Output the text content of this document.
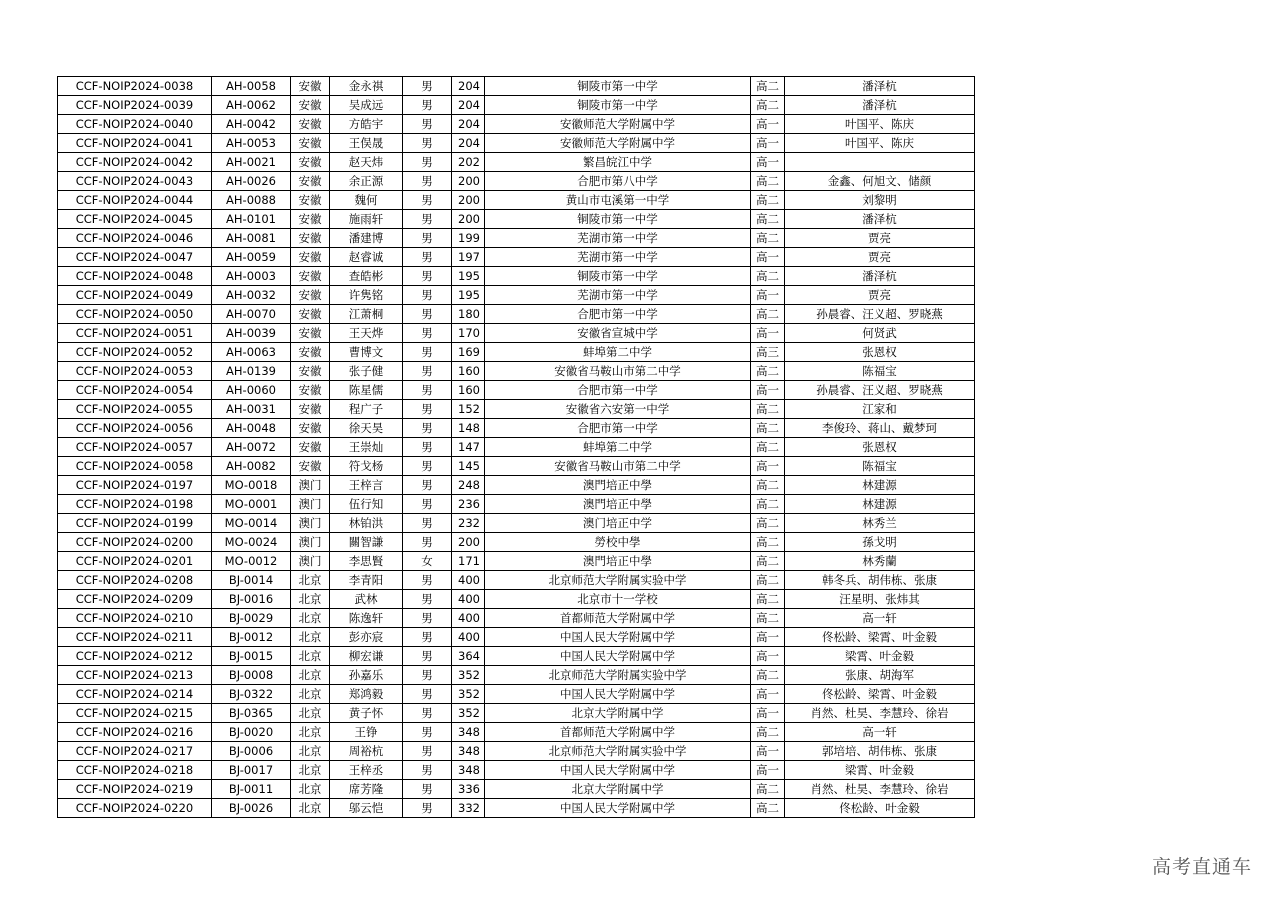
CCF-NOIP2024-0038	AH-0058	安徽	金永祺	男	204	铜陵市第一中学	高二	潘泽杭
CCF-NOIP2024-0039	AH-0062	安徽	吴成远	男	204	铜陵市第一中学	高二	潘泽杭
CCF-NOIP2024-0040	AH-0042	安徽	方皓宇	男	204	安徽师范大学附属中学	高一	叶国平、陈庆
CCF-NOIP2024-0041	AH-0053	安徽	王俣晟	男	204	安徽师范大学附属中学	高一	叶国平、陈庆
CCF-NOIP2024-0042	AH-0021	安徽	赵天炜	男	202	繁昌皖江中学	高一	
CCF-NOIP2024-0043	AH-0026	安徽	余正源	男	200	合肥市第八中学	高二	金鑫、何旭文、储颜
CCF-NOIP2024-0044	AH-0088	安徽	魏何	男	200	黄山市屯溪第一中学	高二	刘黎明
CCF-NOIP2024-0045	AH-0101	安徽	施雨轩	男	200	铜陵市第一中学	高二	潘泽杭
CCF-NOIP2024-0046	AH-0081	安徽	潘建博	男	199	芜湖市第一中学	高二	贾亮
CCF-NOIP2024-0047	AH-0059	安徽	赵睿诚	男	197	芜湖市第一中学	高一	贾亮
CCF-NOIP2024-0048	AH-0003	安徽	查皓彬	男	195	铜陵市第一中学	高二	潘泽杭
CCF-NOIP2024-0049	AH-0032	安徽	许隽铭	男	195	芜湖市第一中学	高一	贾亮
CCF-NOIP2024-0050	AH-0070	安徽	江萧桐	男	180	合肥市第一中学	高二	孙晨睿、汪义超、罗晓燕
CCF-NOIP2024-0051	AH-0039	安徽	王天烨	男	170	安徽省宣城中学	高一	何贤武
CCF-NOIP2024-0052	AH-0063	安徽	曹博文	男	169	蚌埠第二中学	高三	张恩权
CCF-NOIP2024-0053	AH-0139	安徽	张子健	男	160	安徽省马鞍山市第二中学	高二	陈福宝
CCF-NOIP2024-0054	AH-0060	安徽	陈星儒	男	160	合肥市第一中学	高一	孙晨睿、汪义超、罗晓燕
CCF-NOIP2024-0055	AH-0031	安徽	程广子	男	152	安徽省六安第一中学	高二	江家和
CCF-NOIP2024-0056	AH-0048	安徽	徐天昊	男	148	合肥市第一中学	高二	李俊玲、蒋山、戴梦珂
CCF-NOIP2024-0057	AH-0072	安徽	王崇灿	男	147	蚌埠第二中学	高二	张恩权
CCF-NOIP2024-0058	AH-0082	安徽	符戈杨	男	145	安徽省马鞍山市第二中学	高一	陈福宝
CCF-NOIP2024-0197	MO-0018	澳门	王梓言	男	248	澳門培正中學	高二	林建源
CCF-NOIP2024-0198	MO-0001	澳门	伍行知	男	236	澳門培正中學	高二	林建源
CCF-NOIP2024-0199	MO-0014	澳门	林铂洪	男	232	澳门培正中学	高二	林秀兰
CCF-NOIP2024-0200	MO-0024	澳门	關智謙	男	200	勞校中學	高二	孫戈明
CCF-NOIP2024-0201	MO-0012	澳门	李思賢	女	171	澳門培正中學	高二	林秀蘭
CCF-NOIP2024-0208	BJ-0014	北京	李青阳	男	400	北京师范大学附属实验中学	高二	韩冬兵、胡伟栋、张康
CCF-NOIP2024-0209	BJ-0016	北京	武林	男	400	北京市十一学校	高二	汪星明、张炜其
CCF-NOIP2024-0210	BJ-0029	北京	陈逸轩	男	400	首都师范大学附属中学	高二	高一轩
CCF-NOIP2024-0211	BJ-0012	北京	彭亦宸	男	400	中国人民大学附属中学	高一	佟松龄、梁霄、叶金毅
CCF-NOIP2024-0212	BJ-0015	北京	柳宏谦	男	364	中国人民大学附属中学	高一	梁霄、叶金毅
CCF-NOIP2024-0213	BJ-0008	北京	孙嘉乐	男	352	北京师范大学附属实验中学	高二	张康、胡海军
CCF-NOIP2024-0214	BJ-0322	北京	郑鸿毅	男	352	中国人民大学附属中学	高一	佟松龄、梁霄、叶金毅
CCF-NOIP2024-0215	BJ-0365	北京	黄子怀	男	352	北京大学附属中学	高一	肖然、杜昊、李慧玲、徐岩
CCF-NOIP2024-0216	BJ-0020	北京	王铮	男	348	首都师范大学附属中学	高二	高一轩
CCF-NOIP2024-0217	BJ-0006	北京	周裕杭	男	348	北京师范大学附属实验中学	高一	郭培培、胡伟栋、张康
CCF-NOIP2024-0218	BJ-0017	北京	王梓丞	男	348	中国人民大学附属中学	高一	梁霄、叶金毅
CCF-NOIP2024-0219	BJ-0011	北京	席芳隆	男	336	北京大学附属中学	高二	肖然、杜昊、李慧玲、徐岩
CCF-NOIP2024-0220	BJ-0026	北京	邬云恺	男	332	中国人民大学附属中学	高二	佟松龄、叶金毅
高考直通车
